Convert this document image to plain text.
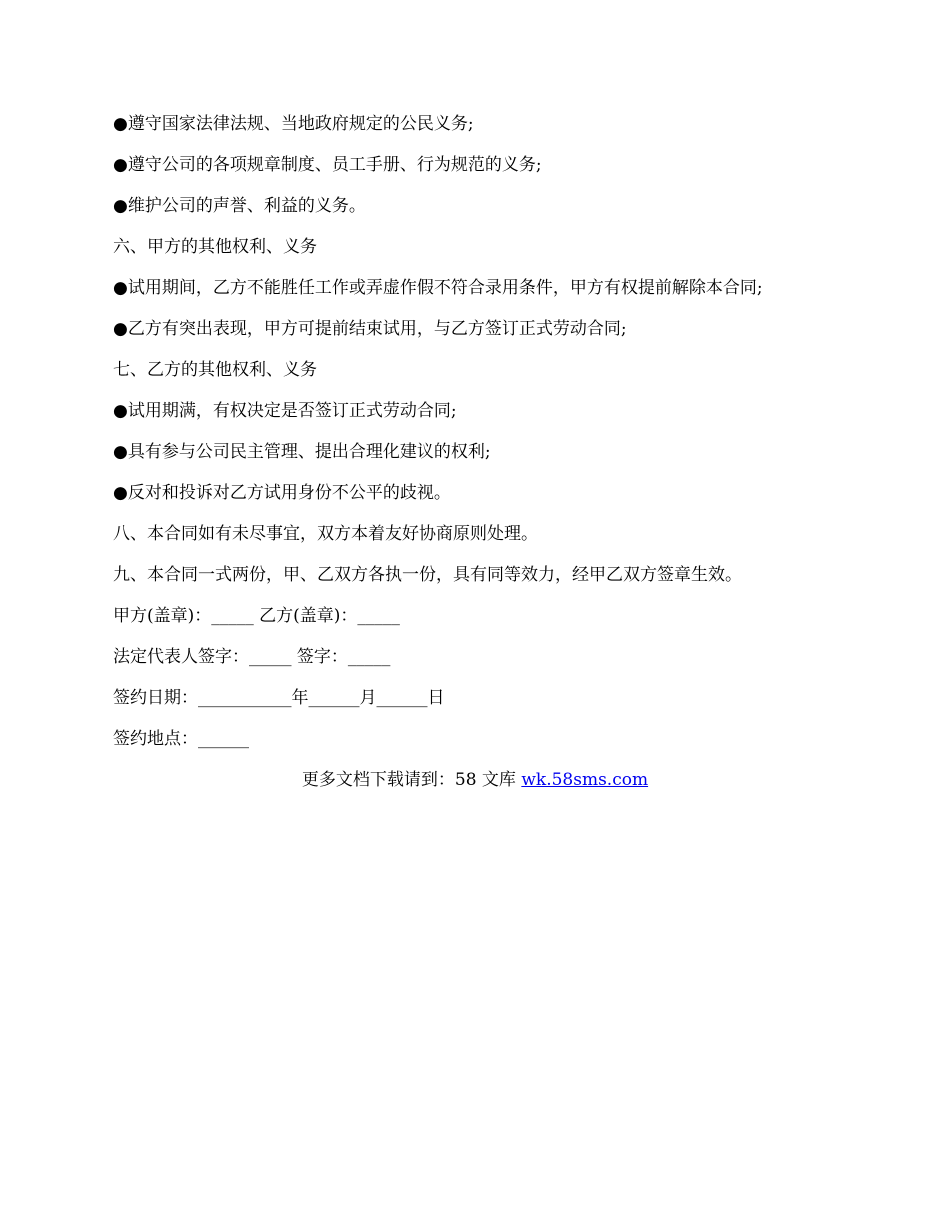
●遵守国家法律法规、当地政府规定的公民义务;
●遵守公司的各项规章制度、员工手册、行为规范的义务;
●维护公司的声誉、利益的义务。
六、甲方的其他权利、义务
●试用期间，乙方不能胜任工作或弄虚作假不符合录用条件，甲方有权提前解除本合同;
●乙方有突出表现，甲方可提前结束试用，与乙方签订正式劳动合同;
七、乙方的其他权利、义务
●试用期满，有权决定是否签订正式劳动合同;
●具有参与公司民主管理、提出合理化建议的权利;
●反对和投诉对乙方试用身份不公平的歧视。
八、本合同如有未尽事宜，双方本着友好协商原则处理。
九、本合同一式两份，甲、乙双方各执一份，具有同等效力，经甲乙双方签章生效。
甲方(盖章)：_____ 乙方(盖章)：_____
法定代表人签字：_____ 签字：_____
签约日期：___________年______月______日
签约地点：______
更多文档下载请到：58 文库 wk.58sms.com
